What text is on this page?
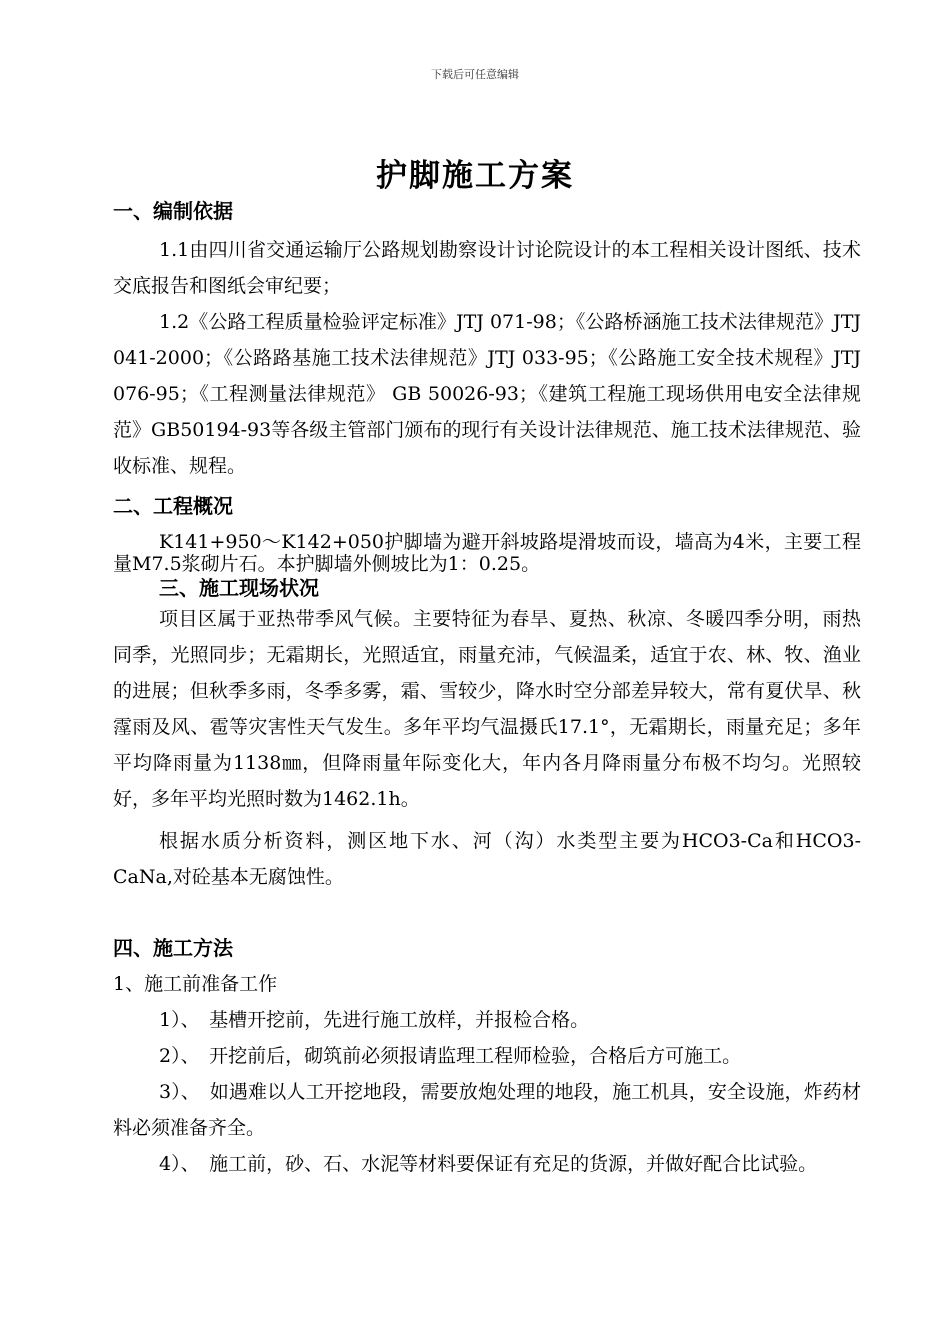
下载后可任意编辑
护脚施工方案

一、编制依据

1.1由四川省交通运输厅公路规划勘察设计讨论院设计的本工程相关设计图纸、技术交底报告和图纸会审纪要；

1.2《公路工程质量检验评定标准》JTJ 071-98；《公路桥涵施工技术法律规范》JTJ 041-2000；《公路路基施工技术法律规范》JTJ 033-95；《公路施工安全技术规程》JTJ 076-95；《工程测量法律规范》 GB 50026-93；《建筑工程施工现场供用电安全法律规范》GB50194-93等各级主管部门颁布的现行有关设计法律规范、施工技术法律规范、验收标准、规程。

二、工程概况

K141+950～K142+050护脚墙为避开斜坡路堤滑坡而设，墙高为4米，主要工程量M7.5浆砌片石。本护脚墙外侧坡比为1：0.25。

三、施工现场状况

项目区属于亚热带季风气候。主要特征为春旱、夏热、秋凉、冬暖四季分明，雨热同季，光照同步；无霜期长，光照适宜，雨量充沛，气候温柔，适宜于农、林、牧、渔业的进展；但秋季多雨，冬季多雾，霜、雪较少，降水时空分部差异较大，常有夏伏旱、秋霪雨及风、雹等灾害性天气发生。多年平均气温摄氏17.1°，无霜期长，雨量充足；多年平均降雨量为1138㎜，但降雨量年际变化大，年内各月降雨量分布极不均匀。光照较好，多年平均光照时数为1462.1h。

根据水质分析资料，测区地下水、河（沟）水类型主要为HCO3-Ca和HCO3-CaNa,对砼基本无腐蚀性。

四、施工方法

1、施工前准备工作

1）、　基槽开挖前，先进行施工放样，并报检合格。

2）、　开挖前后，砌筑前必须报请监理工程师检验，合格后方可施工。

3）、　如遇难以人工开挖地段，需要放炮处理的地段，施工机具，安全设施，炸药材料必须准备齐全。

4）、　施工前，砂、石、水泥等材料要保证有充足的货源，并做好配合比试验。
